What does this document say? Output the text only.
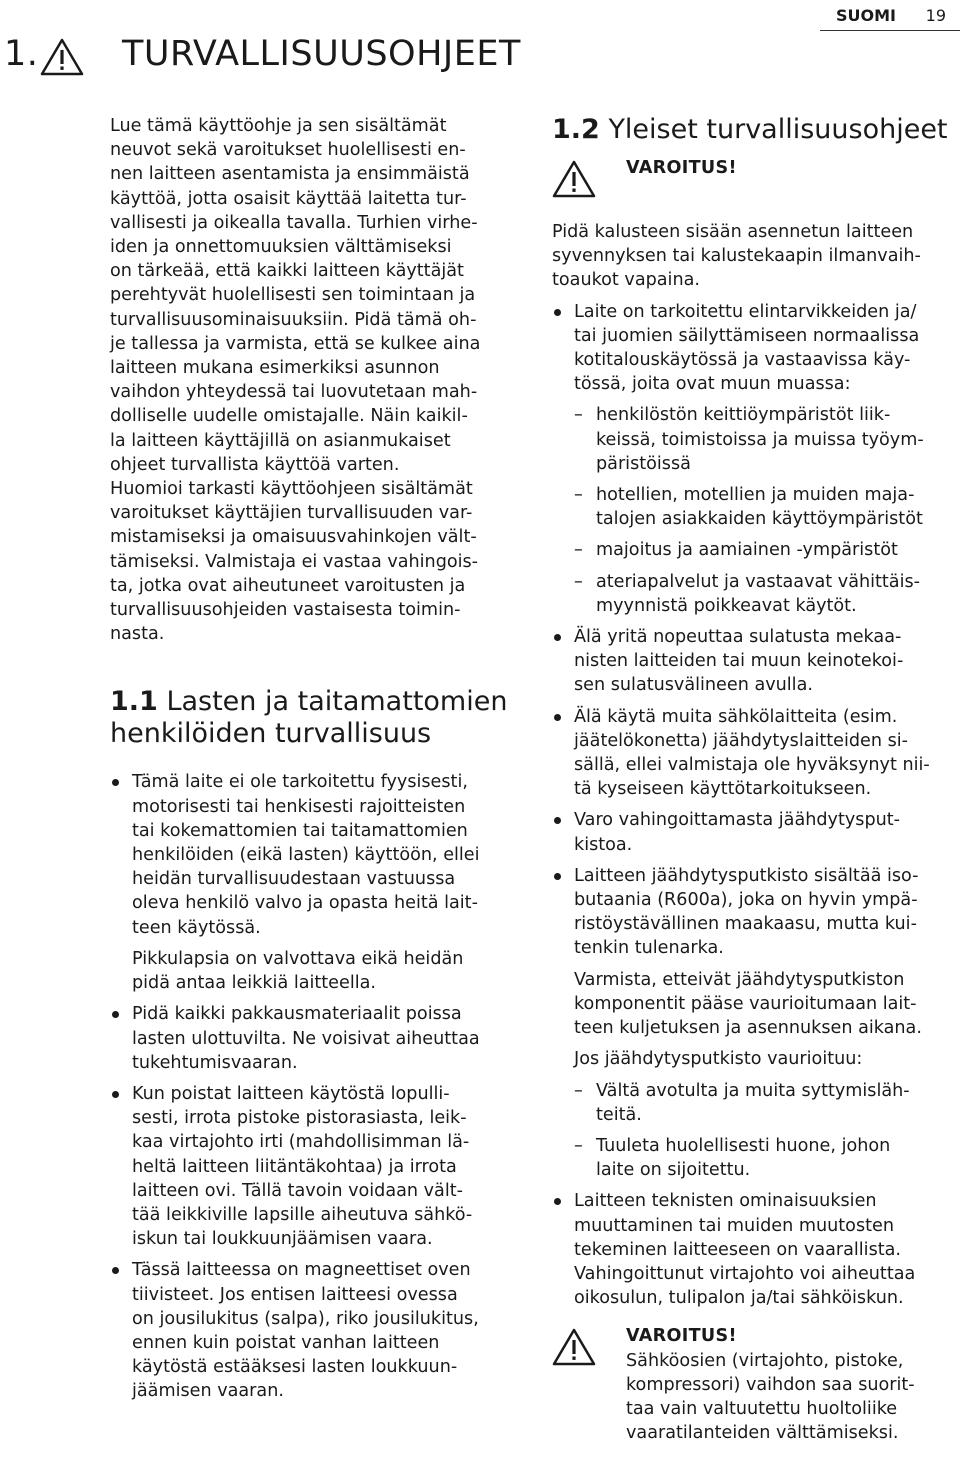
SUOMI 19
1. TURVALLISUUSOHJEET

Lue tämä käyttöohje ja sen sisältämät
neuvot sekä varoitukset huolellisesti en-
nen laitteen asentamista ja ensimmäistä
käyttöä, jotta osaisit käyttää laitetta tur-
vallisesti ja oikealla tavalla. Turhien virhe-
iden ja onnettomuuksien välttämiseksi
on tärkeää, että kaikki laitteen käyttäjät
perehtyvät huolellisesti sen toimintaan ja
turvallisuusominaisuuksiin. Pidä tämä oh-
je tallessa ja varmista, että se kulkee aina
laitteen mukana esimerkiksi asunnon
vaihdon yhteydessä tai luovutetaan mah-
dolliselle uudelle omistajalle. Näin kaikil-
la laitteen käyttäjillä on asianmukaiset
ohjeet turvallista käyttöä varten.
Huomioi tarkasti käyttöohjeen sisältämät
varoitukset käyttäjien turvallisuuden var-
mistamiseksi ja omaisuusvahinkojen vält-
tämiseksi. Valmistaja ei vastaa vahingois-
ta, jotka ovat aiheutuneet varoitusten ja
turvallisuusohjeiden vastaisesta toimin-
nasta.

1.1 Lasten ja taitamattomien
henkilöiden turvallisuus
Tämä laite ei ole tarkoitettu fyysisesti,
motorisesti tai henkisesti rajoitteisten
tai kokemattomien tai taitamattomien
henkilöiden (eikä lasten) käyttöön, ellei
heidän turvallisuudestaan vastuussa
oleva henkilö valvo ja opasta heitä lait-
teen käytössä.
Pikkulapsia on valvottava eikä heidän
pidä antaa leikkiä laitteella.
Pidä kaikki pakkausmateriaalit poissa
lasten ulottuvilta. Ne voisivat aiheuttaa
tukehtumisvaaran.
Kun poistat laitteen käytöstä lopulli-
sesti, irrota pistoke pistorasiasta, leik-
kaa virtajohto irti (mahdollisimman lä-
heltä laitteen liitäntäkohtaa) ja irrota
laitteen ovi. Tällä tavoin voidaan vält-
tää leikkiville lapsille aiheutuva sähkö-
iskun tai loukkuunjäämisen vaara.
Tässä laitteessa on magneettiset oven
tiivisteet. Jos entisen laitteesi ovessa
on jousilukitus (salpa), riko jousilukitus,
ennen kuin poistat vanhan laitteen
käytöstä estääksesi lasten loukkuun-
jäämisen vaaran.
1.2 Yleiset turvallisuusohjeet
VAROITUS!

Pidä kalusteen sisään asennetun laitteen
syvennyksen tai kalustekaapin ilmanvaih-
toaukot vapaina.

Laite on tarkoitettu elintarvikkeiden ja/
tai juomien säilyttämiseen normaalissa
kotitalouskäytössä ja vastaavissa käy-
tössä, joita ovat muun muassa:
– henkilöstön keittiöympäristöt liik-
keissä, toimistoissa ja muissa työym-
päristöissä
– hotellien, motellien ja muiden maja-
talojen asiakkaiden käyttöympäristöt
– majoitus ja aamiainen -ympäristöt
– ateriapalvelut ja vastaavat vähittäis-
myynnistä poikkeavat käytöt.
Älä yritä nopeuttaa sulatusta mekaa-
nisten laitteiden tai muun keinotekoi-
sen sulatusvälineen avulla.
Älä käytä muita sähkölaitteita (esim.
jäätelökonetta) jäähdytyslaitteiden si-
sällä, ellei valmistaja ole hyväksynyt nii-
tä kyseiseen käyttötarkoitukseen.
Varo vahingoittamasta jäähdytysput-
kistoa.
Laitteen jäähdytysputkisto sisältää iso-
butaania (R600a), joka on hyvin ympä-
ristöystävällinen maakaasu, mutta kui-
tenkin tulenarka.
Varmista, etteivät jäähdytysputkiston
komponentit pääse vaurioitumaan lait-
teen kuljetuksen ja asennuksen aikana.
Jos jäähdytysputkisto vaurioituu:
– Vältä avotulta ja muita syttymisläh-
teitä.
– Tuuleta huolellisesti huone, johon
laite on sijoitettu.
Laitteen teknisten ominaisuuksien
muuttaminen tai muiden muutosten
tekeminen laitteeseen on vaarallista.
Vahingoittunut virtajohto voi aiheuttaa
oikosulun, tulipalon ja/tai sähköiskun.
VAROITUS!
Sähköosien (virtajohto, pistoke,
kompressori) vaihdon saa suorit-
taa vain valtuutettu huoltoliike
vaaratilanteiden välttämiseksi.
